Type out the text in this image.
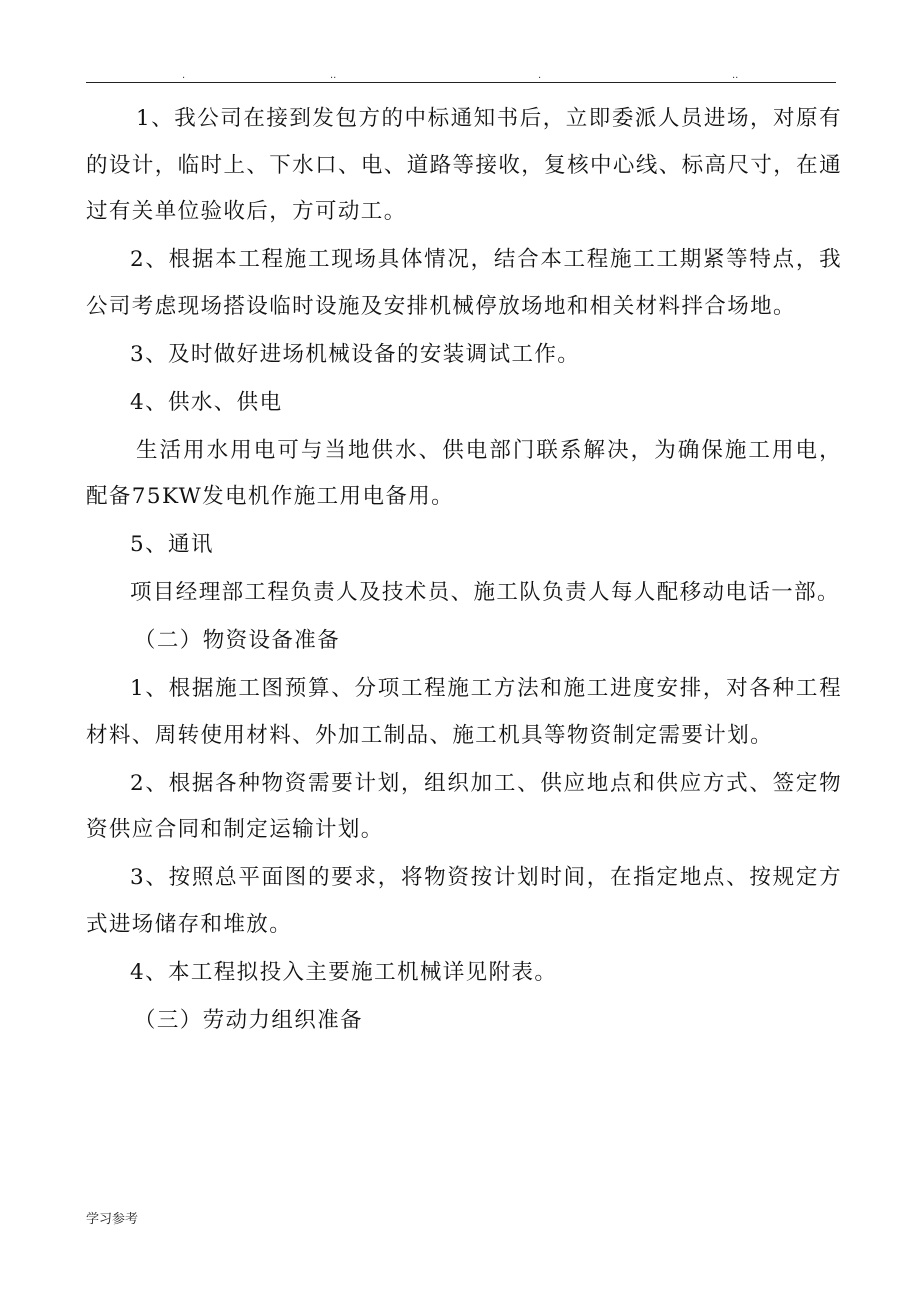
.	..	.	..

1、我公司在接到发包方的中标通知书后，立即委派人员进场，对原有的设计，临时上、下水口、电、道路等接收，复核中心线、标高尺寸，在通过有关单位验收后，方可动工。

2、根据本工程施工现场具体情况，结合本工程施工工期紧等特点，我公司考虑现场搭设临时设施及安排机械停放场地和相关材料拌合场地。

3、及时做好进场机械设备的安装调试工作。

4、供水、供电

生活用水用电可与当地供水、供电部门联系解决，为确保施工用电，配备75KW发电机作施工用电备用。

5、通讯

项目经理部工程负责人及技术员、施工队负责人每人配移动电话一部。

（二）物资设备准备

1、根据施工图预算、分项工程施工方法和施工进度安排，对各种工程材料、周转使用材料、外加工制品、施工机具等物资制定需要计划。

2、根据各种物资需要计划，组织加工、供应地点和供应方式、签定物资供应合同和制定运输计划。

3、按照总平面图的要求，将物资按计划时间，在指定地点、按规定方式进场储存和堆放。

4、本工程拟投入主要施工机械详见附表。

（三）劳动力组织准备

学习参考
